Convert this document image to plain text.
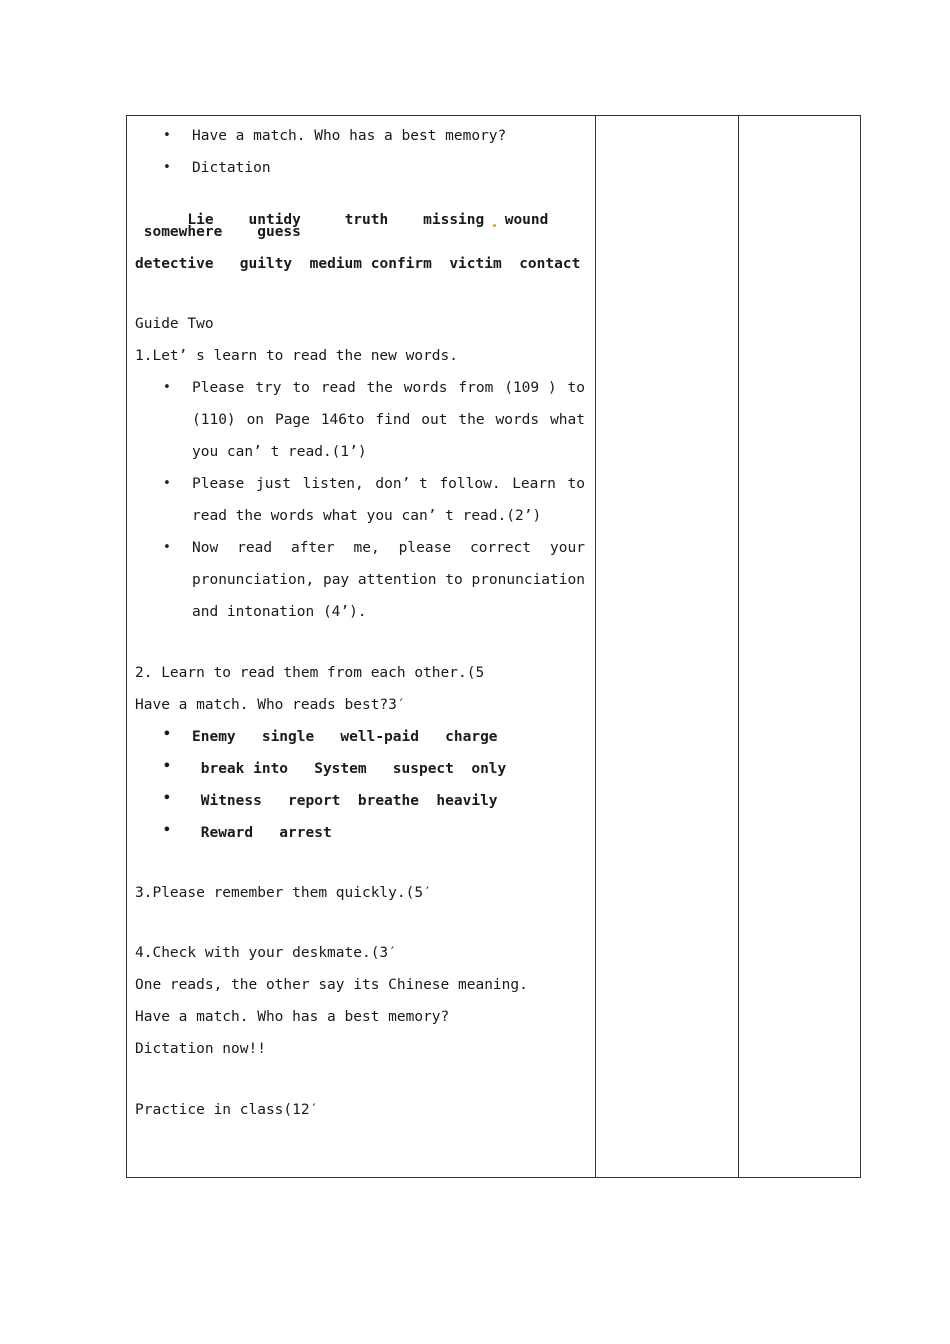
• Have a match. Who has a best memory?
• Dictation

Lie untidy	truth missing wound

somewhere guess
detective guilty medium confirm victim contact
Guide Two
1.Let’ s learn to read the new words.
• Please try to read the words from (109 ) to
(110) on Page 146to find out the words what
you can’ t read.(1’)
• Please just listen, don’ t follow. Learn to
read the words what you can’ t read.(2’)
• Now read after me, please correct your
pronunciation, pay attention to pronunciation
and intonation (4’).
2. Learn to read them from each other.(5
Have a match. Who reads best?3′
• Enemy   single   well-paid   charge
• break into   System   suspect  only
• Witness   report  breathe  heavily
• Reward   arrest
3.Please remember them quickly.(5′
4.Check with your deskmate.(3′
One reads, the other say its Chinese meaning.
Have a match. Who has a best memory?
Dictation now!!
Practice in class(12′
